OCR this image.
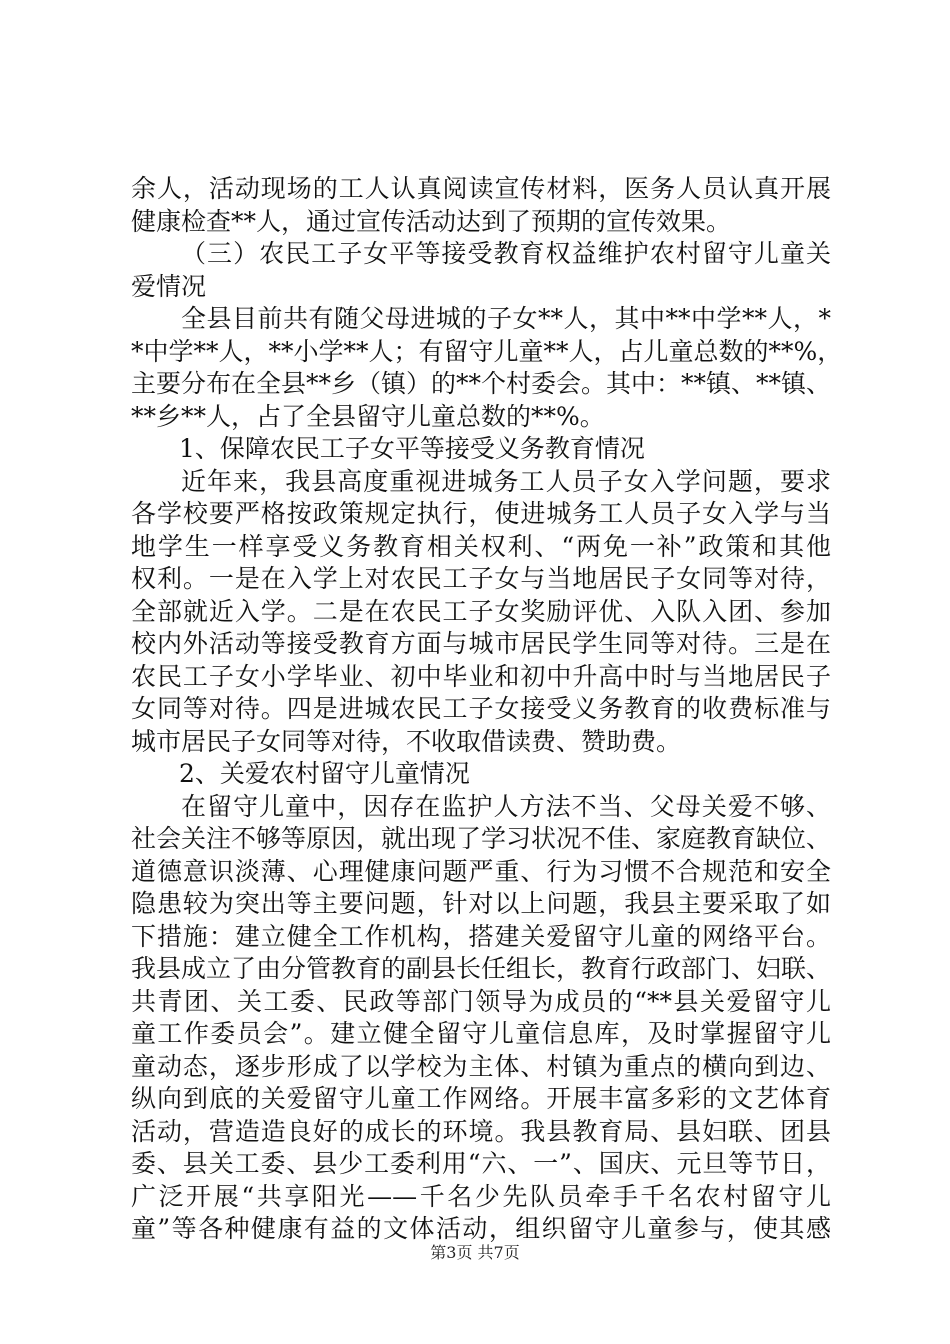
余人，活动现场的工人认真阅读宣传材料，医务人员认真开展
健康检查**人，通过宣传活动达到了预期的宣传效果。
（三）农民工子女平等接受教育权益维护农村留守儿童关
爱情况
全县目前共有随父母进城的子女**人，其中**中学**人，*
*中学**人，**小学**人；有留守儿童**人，占儿童总数的**%，
主要分布在全县**乡（镇）的**个村委会。其中：**镇、**镇、
**乡**人，占了全县留守儿童总数的**%。
1、保障农民工子女平等接受义务教育情况
近年来，我县高度重视进城务工人员子女入学问题，要求
各学校要严格按政策规定执行，使进城务工人员子女入学与当
地学生一样享受义务教育相关权利、“两免一补”政策和其他
权利。一是在入学上对农民工子女与当地居民子女同等对待，
全部就近入学。二是在农民工子女奖励评优、入队入团、参加
校内外活动等接受教育方面与城市居民学生同等对待。三是在
农民工子女小学毕业、初中毕业和初中升高中时与当地居民子
女同等对待。四是进城农民工子女接受义务教育的收费标准与
城市居民子女同等对待，不收取借读费、赞助费。
2、关爱农村留守儿童情况
在留守儿童中，因存在监护人方法不当、父母关爱不够、
社会关注不够等原因，就出现了学习状况不佳、家庭教育缺位、
道德意识淡薄、心理健康问题严重、行为习惯不合规范和安全
隐患较为突出等主要问题，针对以上问题，我县主要采取了如
下措施：建立健全工作机构，搭建关爱留守儿童的网络平台。
我县成立了由分管教育的副县长任组长，教育行政部门、妇联、
共青团、关工委、民政等部门领导为成员的“**县关爱留守儿
童工作委员会”。建立健全留守儿童信息库，及时掌握留守儿
童动态，逐步形成了以学校为主体、村镇为重点的横向到边、
纵向到底的关爱留守儿童工作网络。开展丰富多彩的文艺体育
活动，营造造良好的成长的环境。我县教育局、县妇联、团县
委、县关工委、县少工委利用“六、一”、国庆、元旦等节日，
广泛开展“共享阳光——千名少先队员牵手千名农村留守儿
童”等各种健康有益的文体活动，组织留守儿童参与，使其感
第3页 共7页
